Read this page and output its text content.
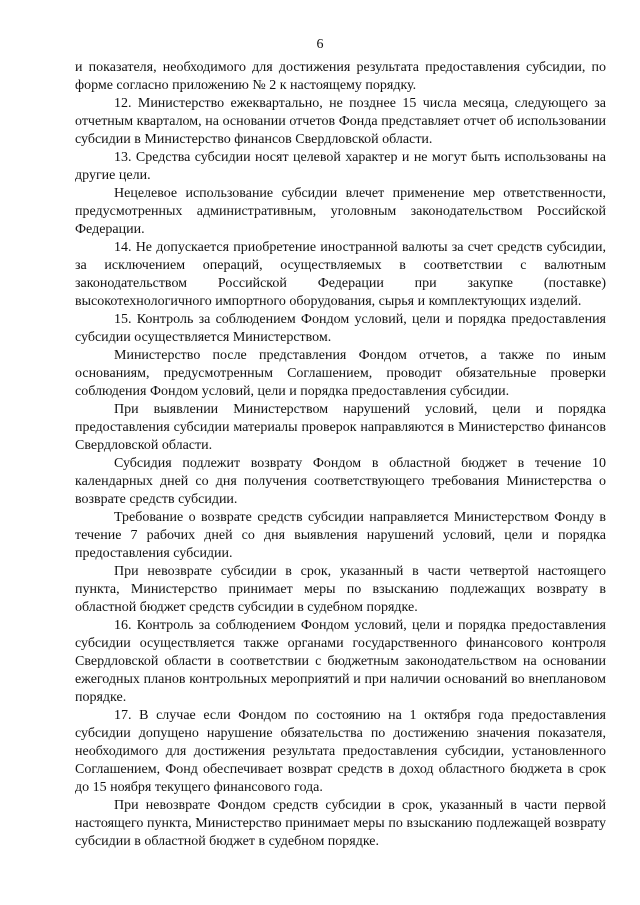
6

и показателя, необходимого для достижения результата предоставления субсидии, по форме согласно приложению № 2 к настоящему порядку.

12. Министерство ежеквартально, не позднее 15 числа месяца, следующего за отчетным кварталом, на основании отчетов Фонда представляет отчет об использовании субсидии в Министерство финансов Свердловской области.

13. Средства субсидии носят целевой характер и не могут быть использованы на другие цели.

Нецелевое использование субсидии влечет применение мер ответственности, предусмотренных административным, уголовным законодательством Российской Федерации.

14. Не допускается приобретение иностранной валюты за счет средств субсидии, за исключением операций, осуществляемых в соответствии с валютным законодательством Российской Федерации при закупке (поставке) высокотехнологичного импортного оборудования, сырья и комплектующих изделий.

15. Контроль за соблюдением Фондом условий, цели и порядка предоставления субсидии осуществляется Министерством.

Министерство после представления Фондом отчетов, а также по иным основаниям, предусмотренным Соглашением, проводит обязательные проверки соблюдения Фондом условий, цели и порядка предоставления субсидии.

При выявлении Министерством нарушений условий, цели и порядка предоставления субсидии материалы проверок направляются в Министерство финансов Свердловской области.

Субсидия подлежит возврату Фондом в областной бюджет в течение 10 календарных дней со дня получения соответствующего требования Министерства о возврате средств субсидии.

Требование о возврате средств субсидии направляется Министерством Фонду в течение 7 рабочих дней со дня выявления нарушений условий, цели и порядка предоставления субсидии.

При невозврате субсидии в срок, указанный в части четвертой настоящего пункта, Министерство принимает меры по взысканию подлежащих возврату в областной бюджет средств субсидии в судебном порядке.

16. Контроль за соблюдением Фондом условий, цели и порядка предоставления субсидии осуществляется также органами государственного финансового контроля Свердловской области в соответствии с бюджетным законодательством на основании ежегодных планов контрольных мероприятий и при наличии оснований во внеплановом порядке.

17. В случае если Фондом по состоянию на 1 октября года предоставления субсидии допущено нарушение обязательства по достижению значения показателя, необходимого для достижения результата предоставления субсидии, установленного Соглашением, Фонд обеспечивает возврат средств в доход областного бюджета в срок до 15 ноября текущего финансового года.

При невозврате Фондом средств субсидии в срок, указанный в части первой настоящего пункта, Министерство принимает меры по взысканию подлежащей возврату субсидии в областной бюджет в судебном порядке.
